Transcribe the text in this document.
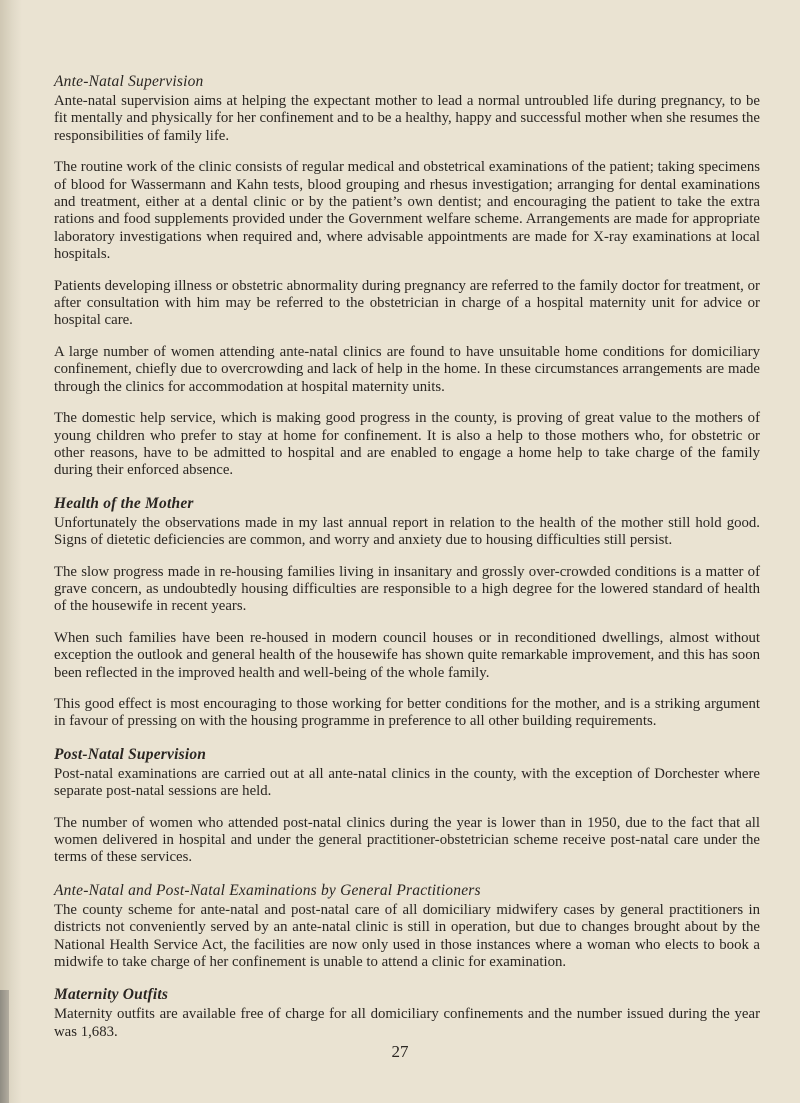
Ante-Natal Supervision

Ante-natal supervision aims at helping the expectant mother to lead a normal untroubled life during pregnancy, to be fit mentally and physically for her confinement and to be a healthy, happy and successful mother when she resumes the responsibilities of family life.

The routine work of the clinic consists of regular medical and obstetrical examinations of the patient; taking specimens of blood for Wassermann and Kahn tests, blood grouping and rhesus investigation; arranging for dental examinations and treatment, either at a dental clinic or by the patient’s own dentist; and encouraging the patient to take the extra rations and food supplements provided under the Government welfare scheme. Arrangements are made for appropriate laboratory investigations when required and, where advisable appointments are made for X-ray examinations at local hospitals.

Patients developing illness or obstetric abnormality during pregnancy are referred to the family doctor for treatment, or after consultation with him may be referred to the obstetrician in charge of a hospital maternity unit for advice or hospital care.

A large number of women attending ante-natal clinics are found to have unsuitable home conditions for domiciliary confinement, chiefly due to overcrowding and lack of help in the home. In these circumstances arrangements are made through the clinics for accommodation at hospital maternity units.

The domestic help service, which is making good progress in the county, is proving of great value to the mothers of young children who prefer to stay at home for confinement. It is also a help to those mothers who, for obstetric or other reasons, have to be admitted to hospital and are enabled to engage a home help to take charge of the family during their enforced absence.

Health of the Mother

Unfortunately the observations made in my last annual report in relation to the health of the mother still hold good. Signs of dietetic deficiencies are common, and worry and anxiety due to housing difficulties still persist.

The slow progress made in re-housing families living in insanitary and grossly over-crowded conditions is a matter of grave concern, as undoubtedly housing difficulties are responsible to a high degree for the lowered standard of health of the housewife in recent years.

When such families have been re-housed in modern council houses or in reconditioned dwellings, almost without exception the outlook and general health of the housewife has shown quite remarkable improvement, and this has soon been reflected in the improved health and well-being of the whole family.

This good effect is most encouraging to those working for better conditions for the mother, and is a striking argument in favour of pressing on with the housing programme in preference to all other building requirements.

Post-Natal Supervision

Post-natal examinations are carried out at all ante-natal clinics in the county, with the exception of Dorchester where separate post-natal sessions are held.

The number of women who attended post-natal clinics during the year is lower than in 1950, due to the fact that all women delivered in hospital and under the general practitioner-obstetrician scheme receive post-natal care under the terms of these services.

Ante-Natal and Post-Natal Examinations by General Practitioners

The county scheme for ante-natal and post-natal care of all domiciliary midwifery cases by general practitioners in districts not conveniently served by an ante-natal clinic is still in operation, but due to changes brought about by the National Health Service Act, the facilities are now only used in those instances where a woman who elects to book a midwife to take charge of her confinement is unable to attend a clinic for examination.

Maternity Outfits

Maternity outfits are available free of charge for all domiciliary confinements and the number issued during the year was 1,683.

27
